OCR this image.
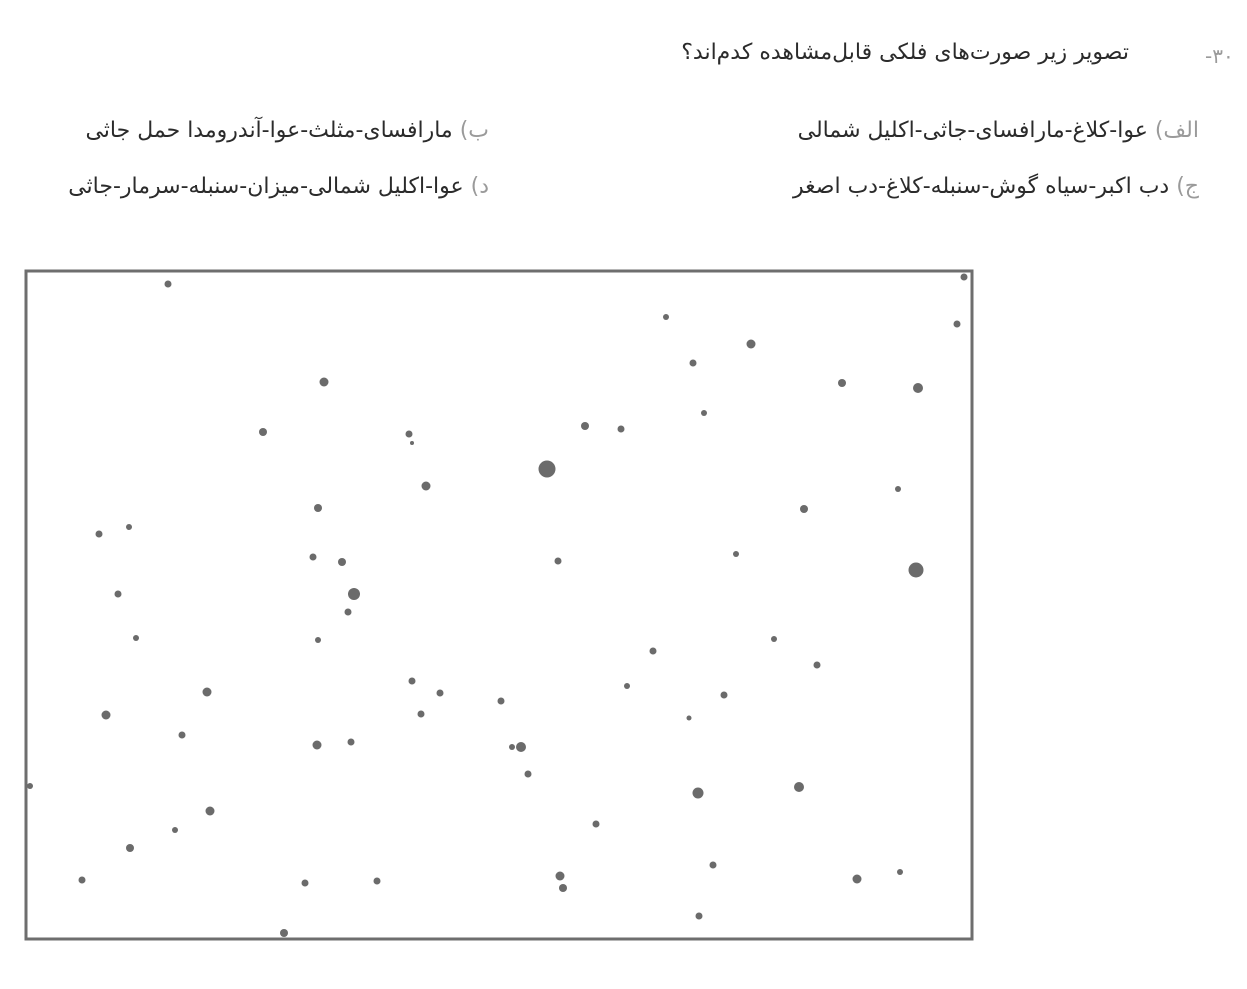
-۳۰
تصویر زیر صورت‌های فلکی قابل‌مشاهده کدم‌اند؟
الف) عوا-کلاغ-مارافسای-جاثی-اکلیل شمالی
ب) مارافسای-مثلث-عوا-آندرومدا حمل جاثی
ج) دب اکبر-سیاه گوش-سنبله-کلاغ-دب اصغر
د) عوا-اکلیل شمالی-میزان-سنبله-سرمار-جاثی
